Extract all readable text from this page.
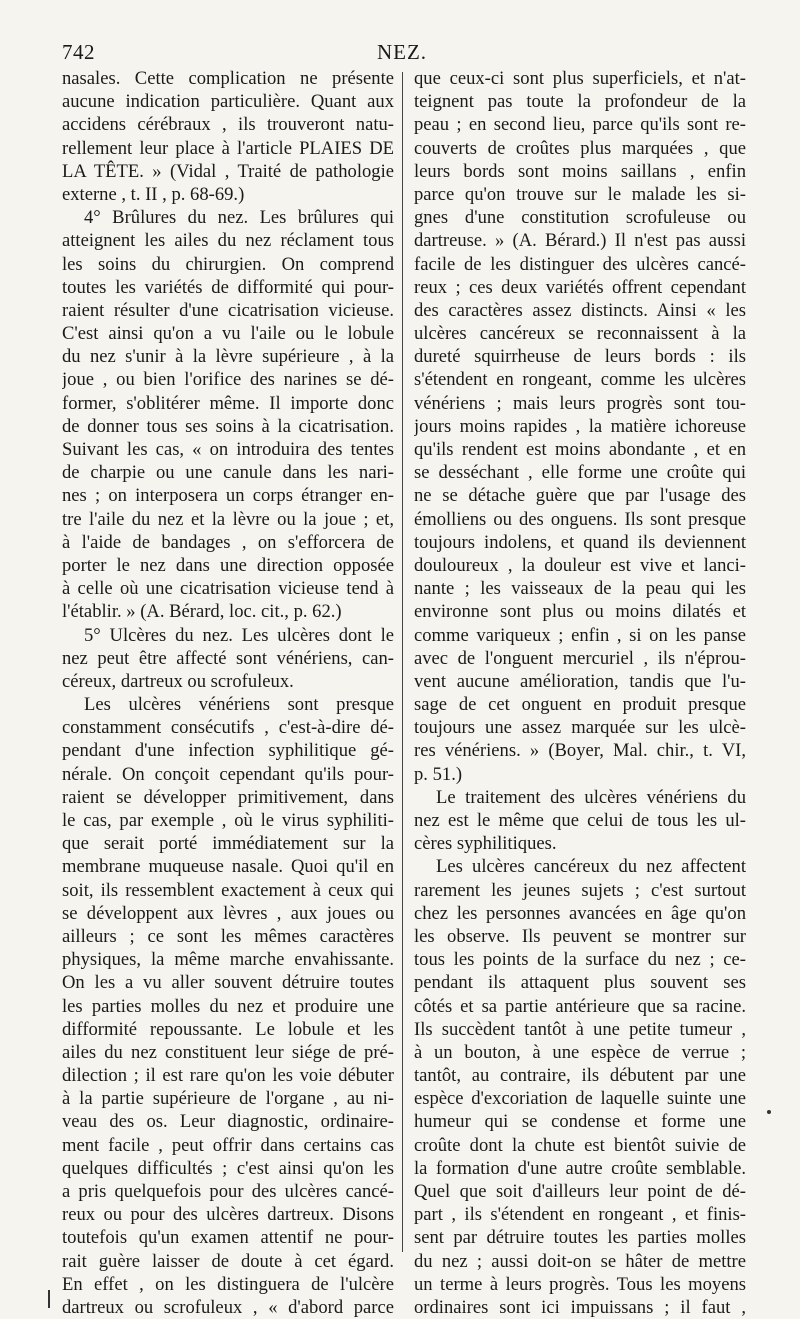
742	NEZ.
nasales. Cette complication ne présente
aucune indication particulière. Quant aux
accidens cérébraux , ils trouveront natu-
rellement leur place à l'article PLAIES DE
LA TÊTE. » (Vidal , Traité de pathologie
externe , t. II , p. 68-69.)
4° Brûlures du nez. Les brûlures qui
atteignent les ailes du nez réclament tous
les soins du chirurgien. On comprend
toutes les variétés de difformité qui pour-
raient résulter d'une cicatrisation vicieuse.
C'est ainsi qu'on a vu l'aile ou le lobule
du nez s'unir à la lèvre supérieure , à la
joue , ou bien l'orifice des narines se dé-
former, s'oblitérer même. Il importe donc
de donner tous ses soins à la cicatrisation.
Suivant les cas, « on introduira des tentes
de charpie ou une canule dans les nari-
nes ; on interposera un corps étranger en-
tre l'aile du nez et la lèvre ou la joue ; et,
à l'aide de bandages , on s'efforcera de
porter le nez dans une direction opposée
à celle où une cicatrisation vicieuse tend à
l'établir. » (A. Bérard, loc. cit., p. 62.)
5° Ulcères du nez. Les ulcères dont le
nez peut être affecté sont vénériens, can-
céreux, dartreux ou scrofuleux.
Les ulcères vénériens sont presque
constamment consécutifs , c'est-à-dire dé-
pendant d'une infection syphilitique gé-
nérale. On conçoit cependant qu'ils pour-
raient se développer primitivement, dans
le cas, par exemple , où le virus syphiliti-
que serait porté immédiatement sur la
membrane muqueuse nasale. Quoi qu'il en
soit, ils ressemblent exactement à ceux qui
se développent aux lèvres , aux joues ou
ailleurs ; ce sont les mêmes caractères
physiques, la même marche envahissante.
On les a vu aller souvent détruire toutes
les parties molles du nez et produire une
difformité repoussante. Le lobule et les
ailes du nez constituent leur siége de pré-
dilection ; il est rare qu'on les voie débuter
à la partie supérieure de l'organe , au ni-
veau des os. Leur diagnostic, ordinaire-
ment facile , peut offrir dans certains cas
quelques difficultés ; c'est ainsi qu'on les
a pris quelquefois pour des ulcères cancé-
reux ou pour des ulcères dartreux. Disons
toutefois qu'un examen attentif ne pour-
rait guère laisser de doute à cet égard.
En effet , on les distinguera de l'ulcère
dartreux ou scrofuleux , « d'abord parce
que ceux-ci sont plus superficiels, et n'at-
teignent pas toute la profondeur de la
peau ; en second lieu, parce qu'ils sont re-
couverts de croûtes plus marquées , que
leurs bords sont moins saillans , enfin
parce qu'on trouve sur le malade les si-
gnes d'une constitution scrofuleuse ou
dartreuse. » (A. Bérard.) Il n'est pas aussi
facile de les distinguer des ulcères cancé-
reux ; ces deux variétés offrent cependant
des caractères assez distincts. Ainsi « les
ulcères cancéreux se reconnaissent à la
dureté squirrheuse de leurs bords : ils
s'étendent en rongeant, comme les ulcères
vénériens ; mais leurs progrès sont tou-
jours moins rapides , la matière ichoreuse
qu'ils rendent est moins abondante , et en
se desséchant , elle forme une croûte qui
ne se détache guère que par l'usage des
émolliens ou des onguens. Ils sont presque
toujours indolens, et quand ils deviennent
douloureux , la douleur est vive et lanci-
nante ; les vaisseaux de la peau qui les
environne sont plus ou moins dilatés et
comme variqueux ; enfin , si on les panse
avec de l'onguent mercuriel , ils n'éprou-
vent aucune amélioration, tandis que l'u-
sage de cet onguent en produit presque
toujours une assez marquée sur les ulcè-
res vénériens. » (Boyer, Mal. chir., t. VI,
p. 51.)
Le traitement des ulcères vénériens du
nez est le même que celui de tous les ul-
cères syphilitiques.
Les ulcères cancéreux du nez affectent
rarement les jeunes sujets ; c'est surtout
chez les personnes avancées en âge qu'on
les observe. Ils peuvent se montrer sur
tous les points de la surface du nez ; ce-
pendant ils attaquent plus souvent ses
côtés et sa partie antérieure que sa racine.
Ils succèdent tantôt à une petite tumeur ,
à un bouton, à une espèce de verrue ;
tantôt, au contraire, ils débutent par une
espèce d'excoriation de laquelle suinte une
humeur qui se condense et forme une
croûte dont la chute est bientôt suivie de
la formation d'une autre croûte semblable.
Quel que soit d'ailleurs leur point de dé-
part , ils s'étendent en rongeant , et finis-
sent par détruire toutes les parties molles
du nez ; aussi doit-on se hâter de mettre
un terme à leurs progrès. Tous les moyens
ordinaires sont ici impuissans ; il faut ,
